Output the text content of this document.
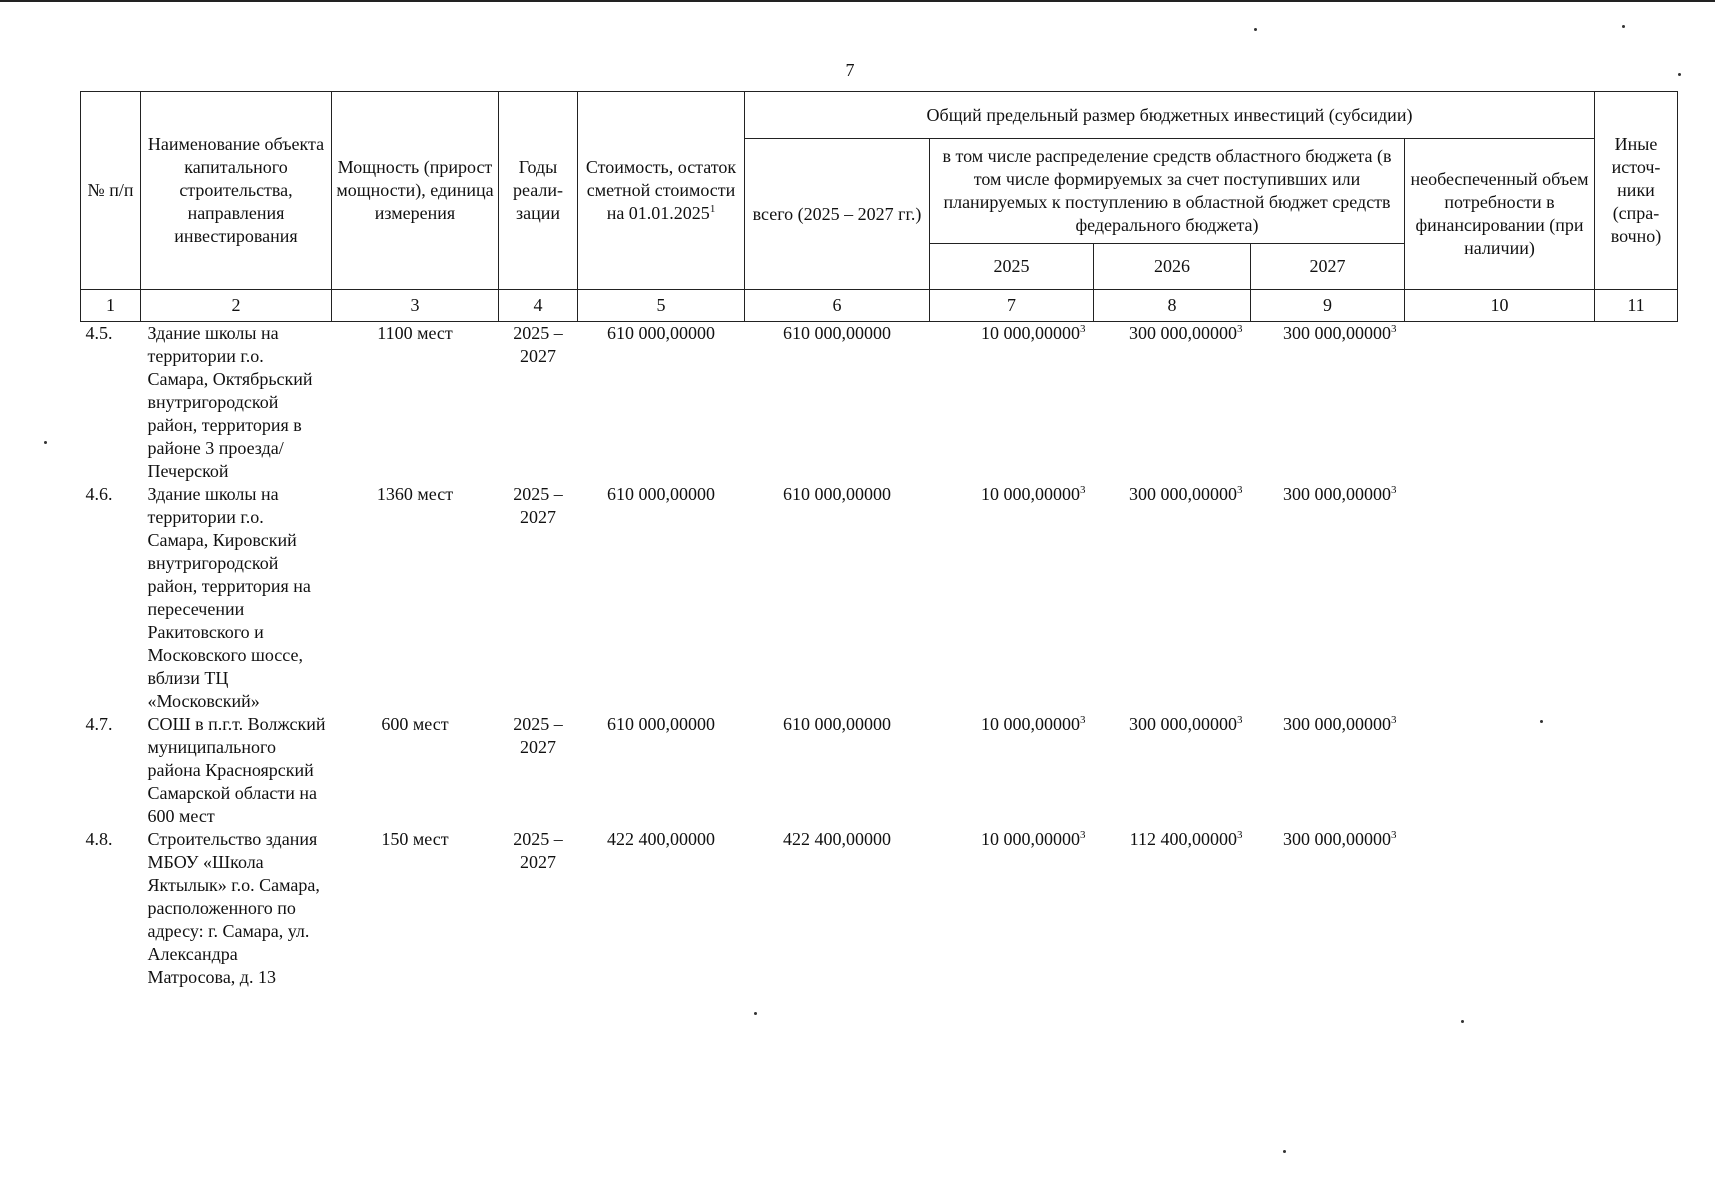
7
№ п/п	Наименование объекта капитального строительства, направления инвестирования	Мощность (прирост мощности), единица измерения	Годы реали-зации	Стоимость, остаток сметной стоимости на 01.01.2025$^1$	Общий предельный размер бюджетных инвестиций (субсидии)					Иные источ-ники (спра-вочно)
					всего (2025 – 2027 гг.)	в том числе распределение средств областного бюджета (в том числе формируемых за счет поступивших или планируемых к поступлению в областной бюджет средств федерального бюджета)			необеспеченный объем потребности в финансировании (при наличии)	
						2025	2026	2027		
1	2	3	4	5	6	7	8	9	10	11
4.5.	Здание школы на территории г.о. Самара, Октябрьский внутригородской район, территория в районе 3 проезда/ Печерской	1100 мест	2025 – 2027	610 000,00000	610 000,00000	10 000,00000$^3$	300 000,00000$^3$	300 000,00000$^3$		
4.6.	Здание школы на территории г.о. Самара, Кировский внутригородской район, территория на пересечении Ракитовского и Московского шоссе, вблизи ТЦ «Московский»	1360 мест	2025 – 2027	610 000,00000	610 000,00000	10 000,00000$^3$	300 000,00000$^3$	300 000,00000$^3$		
4.7.	СОШ в п.г.т. Волжский муниципального района Красноярский Самарской области на 600 мест	600 мест	2025 – 2027	610 000,00000	610 000,00000	10 000,00000$^3$	300 000,00000$^3$	300 000,00000$^3$		
4.8.	Строительство здания МБОУ «Школа Яктылык» г.о. Самара, расположенного по адресу: г. Самара, ул. Александра Матросова, д. 13	150 мест	2025 – 2027	422 400,00000	422 400,00000	10 000,00000$^3$	112 400,00000$^3$	300 000,00000$^3$		
